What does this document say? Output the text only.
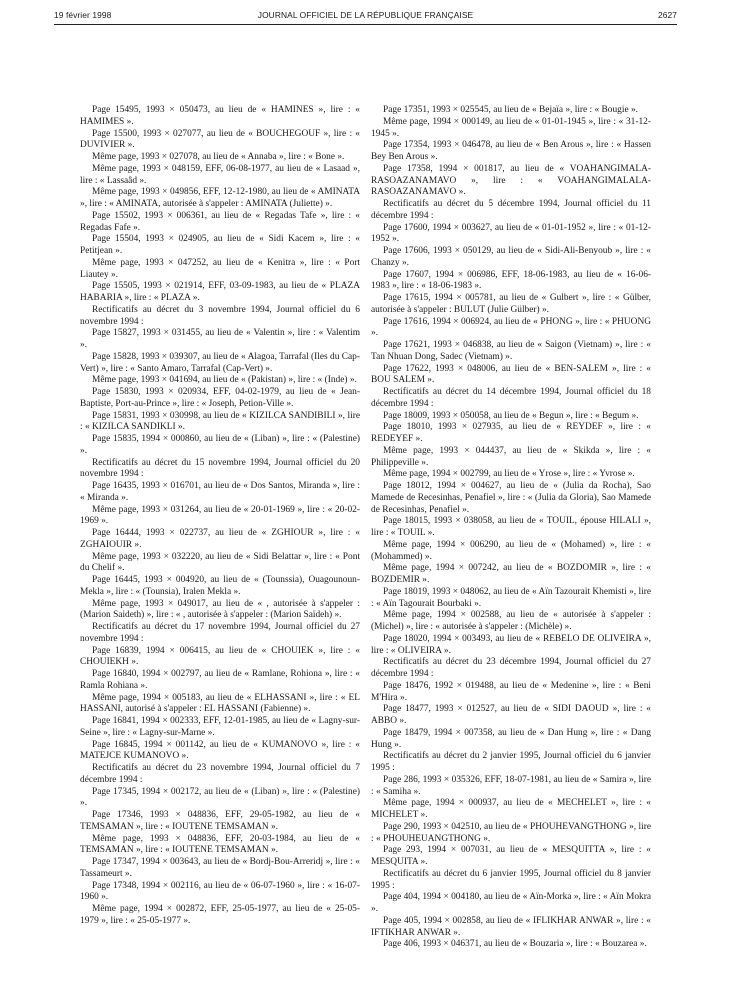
19 février 1998	JOURNAL OFFICIEL DE LA RÉPUBLIQUE FRANÇAISE	2627

Page 15495, 1993 × 050473, au lieu de « HAMINES », lire : « HAMIMES ».

Page 15500, 1993 × 027077, au lieu de « BOUCHEGOUF », lire : « DUVIVIER ».

Même page, 1993 × 027078, au lieu de « Annaba », lire : « Bone ».

Même page, 1993 × 048159, EFF, 06-08-1977, au lieu de « Lasaad », lire : « Lassaâd ».

Même page, 1993 × 049856, EFF, 12-12-1980, au lieu de « AMINATA », lire : « AMINATA, autorisée à s'appeler : AMINATA (Juliette) ».

Page 15502, 1993 × 006361, au lieu de « Regadas Tafe », lire : « Regadas Fafe ».

Page 15504, 1993 × 024905, au lieu de « Sidi Kacem », lire : « Petitjean ».

Même page, 1993 × 047252, au lieu de « Kenitra », lire : « Port Liautey ».

Page 15505, 1993 × 021914, EFF, 03-09-1983, au lieu de « PLAZA HABARIA », lire : « PLAZA ».

Rectificatifs au décret du 3 novembre 1994, Journal officiel du 6 novembre 1994 :

Page 15827, 1993 × 031455, au lieu de « Valentin », lire : « Valentim ».

Page 15828, 1993 × 039307, au lieu de « Alagoa, Tarrafal (Iles du Cap-Vert) », lire : « Santo Amaro, Tarrafal (Cap-Vert) ».

Même page, 1993 × 041694, au lieu de « (Pakistan) », lire : « (Inde) ».

Page 15830, 1993 × 020934, EFF, 04-02-1979, au lieu de « Jean-Baptiste, Port-au-Prince », lire : « Joseph, Petion-Ville ».

Page 15831, 1993 × 030998, au lieu de « KIZILCA SANDIBILI », lire : « KIZILCA SANDIKLI ».

Page 15835, 1994 × 000860, au lieu de « (Liban) », lire : « (Palestine) ».

Rectificatifs au décret du 15 novembre 1994, Journal officiel du 20 novembre 1994 :

Page 16435, 1993 × 016701, au lieu de « Dos Santos, Miranda », lire : « Miranda ».

Même page, 1993 × 031264, au lieu de « 20-01-1969 », lire : « 20-02-1969 ».

Page 16444, 1993 × 022737, au lieu de « ZGHIOUR », lire : « ZGHAIOUIR ».

Même page, 1993 × 032220, au lieu de « Sidi Belattar », lire : « Pont du Chelif ».

Page 16445, 1993 × 004920, au lieu de « (Tounssia), Ouagounoun-Mekla », lire : « (Tounsia), Iralen Mekla ».

Même page, 1993 × 049017, au lieu de « , autorisée à s'appeler : (Marion Saideth) », lire : « , autorisée à s'appeler : (Marion Saïdeh) ».

Rectificatifs au décret du 17 novembre 1994, Journal officiel du 27 novembre 1994 :

Page 16839, 1994 × 006415, au lieu de « CHOUIEK », lire : « CHOUIEKH ».

Page 16840, 1994 × 002797, au lieu de « Ramlane, Rohiona », lire : « Ramla Rohiana ».

Même page, 1994 × 005183, au lieu de « ELHASSANI », lire : « EL HASSANI, autorisé à s'appeler : EL HASSANI (Fabienne) ».

Page 16841, 1994 × 002333, EFF, 12-01-1985, au lieu de « Lagny-sur-Seine », lire : « Lagny-sur-Marne ».

Page 16845, 1994 × 001142, au lieu de « KUMANOVO », lire : « MATEJCE KUMANOVO ».

Rectificatifs au décret du 23 novembre 1994, Journal officiel du 7 décembre 1994 :

Page 17345, 1994 × 002172, au lieu de « (Liban) », lire : « (Palestine) ».

Page 17346, 1993 × 048836, EFF, 29-05-1982, au lieu de « TEMSAMAN », lire : « IOUTENE TEMSAMAN ».

Même page, 1993 × 048836, EFF, 20-03-1984, au lieu de « TEMSAMAN », lire : « IOUTENE TEMSAMAN ».

Page 17347, 1994 × 003643, au lieu de « Bordj-Bou-Arreridj », lire : « Tassameurt ».

Page 17348, 1994 × 002116, au lieu de « 06-07-1960 », lire : « 16-07-1960 ».

Même page, 1994 × 002872, EFF, 25-05-1977, au lieu de « 25-05-1979 », lire : « 25-05-1977 ».

Page 17351, 1993 × 025545, au lieu de « Bejaïa », lire : « Bougie ».

Même page, 1994 × 000149, au lieu de « 01-01-1945 », lire : « 31-12-1945 ».

Page 17354, 1993 × 046478, au lieu de « Ben Arous », lire : « Hassen Bey Ben Arous ».

Page 17358, 1994 × 001817, au lieu de « VOAHANGIMALA-RASOAZANAMAVO », lire : « VOAHANGIMALALA-RASOAZANAMAVO ».

Rectificatifs au décret du 5 décembre 1994, Journal officiel du 11 décembre 1994 :

Page 17600, 1994 × 003627, au lieu de « 01-01-1952 », lire : « 01-12-1952 ».

Page 17606, 1993 × 050129, au lieu de « Sidi-Ali-Benyoub », lire : « Chanzy ».

Page 17607, 1994 × 006986, EFF, 18-06-1983, au lieu de « 16-06-1983 », lire : « 18-06-1983 ».

Page 17615, 1994 × 005781, au lieu de « Gulbert », lire : « Gülber, autorisée à s'appeler : BULUT (Julie Gülber) ».

Page 17616, 1994 × 006924, au lieu de « PHONG », lire : « PHUONG ».

Page 17621, 1993 × 046838, au lieu de « Saigon (Vietnam) », lire : « Tan Nhuan Dong, Sadec (Vietnam) ».

Page 17622, 1993 × 048006, au lieu de « BEN-SALEM », lire : « BOU SALEM ».

Rectificatifs au décret du 14 décembre 1994, Journal officiel du 18 décembre 1994 :

Page 18009, 1993 × 050058, au lieu de « Begun », lire : « Begum ».

Page 18010, 1993 × 027935, au lieu de « REYDEF », lire : « REDEYEF ».

Même page, 1993 × 044437, au lieu de « Skikda », lire : « Philippeville ».

Même page, 1994 × 002799, au lieu de « Yrose », lire : « Yvrose ».

Page 18012, 1994 × 004627, au lieu de « (Julia da Rocha), Sao Mamede de Recesinhas, Penafiel », lire : « (Julia da Gloria), Sao Mamede de Recesinhas, Penafiel ».

Page 18015, 1993 × 038058, au lieu de « TOUIL, épouse HILALI », lire : « TOUIL ».

Même page, 1994 × 006290, au lieu de « (Mohamed) », lire : « (Mohammed) ».

Même page, 1994 × 007242, au lieu de « BOZDOMIR », lire : « BOZDEMIR ».

Page 18019, 1993 × 048062, au lieu de « Aïn Tazourait Khemisti », lire : « Aïn Tagourait Bourbaki ».

Même page, 1994 × 002588, au lieu de « autorisée à s'appeler : (Michel) », lire : « autorisée à s'appeler : (Michèle) ».

Page 18020, 1994 × 003493, au lieu de « REBELO DE OLIVEIRA », lire : « OLIVEIRA ».

Rectificatifs au décret du 23 décembre 1994, Journal officiel du 27 décembre 1994 :

Page 18476, 1992 × 019488, au lieu de « Medenine », lire : « Beni M'Hira ».

Page 18477, 1993 × 012527, au lieu de « SIDI DAOUD », lire : « ABBO ».

Page 18479, 1994 × 007358, au lieu de « Dan Hung », lire : « Dang Hung ».

Rectificatifs au décret du 2 janvier 1995, Journal officiel du 6 janvier 1995 :

Page 286, 1993 × 035326, EFF, 18-07-1981, au lieu de « Samira », lire : « Samiha ».

Même page, 1994 × 000937, au lieu de « MECHELET », lire : « MICHELET ».

Page 290, 1993 × 042510, au lieu de « PHOUHEVANGTHONG », lire : « PHOUHEUANGTHONG ».

Page 293, 1994 × 007031, au lieu de « MESQUITTA », lire : « MESQUITA ».

Rectificatifs au décret du 6 janvier 1995, Journal officiel du 8 janvier 1995 :

Page 404, 1994 × 004180, au lieu de « Aïn-Morka », lire : « Aïn Mokra ».

Page 405, 1994 × 002858, au lieu de « IFLIKHAR ANWAR », lire : « IFTIKHAR ANWAR ».

Page 406, 1993 × 046371, au lieu de « Bouzaria », lire : « Bouzarea ».
